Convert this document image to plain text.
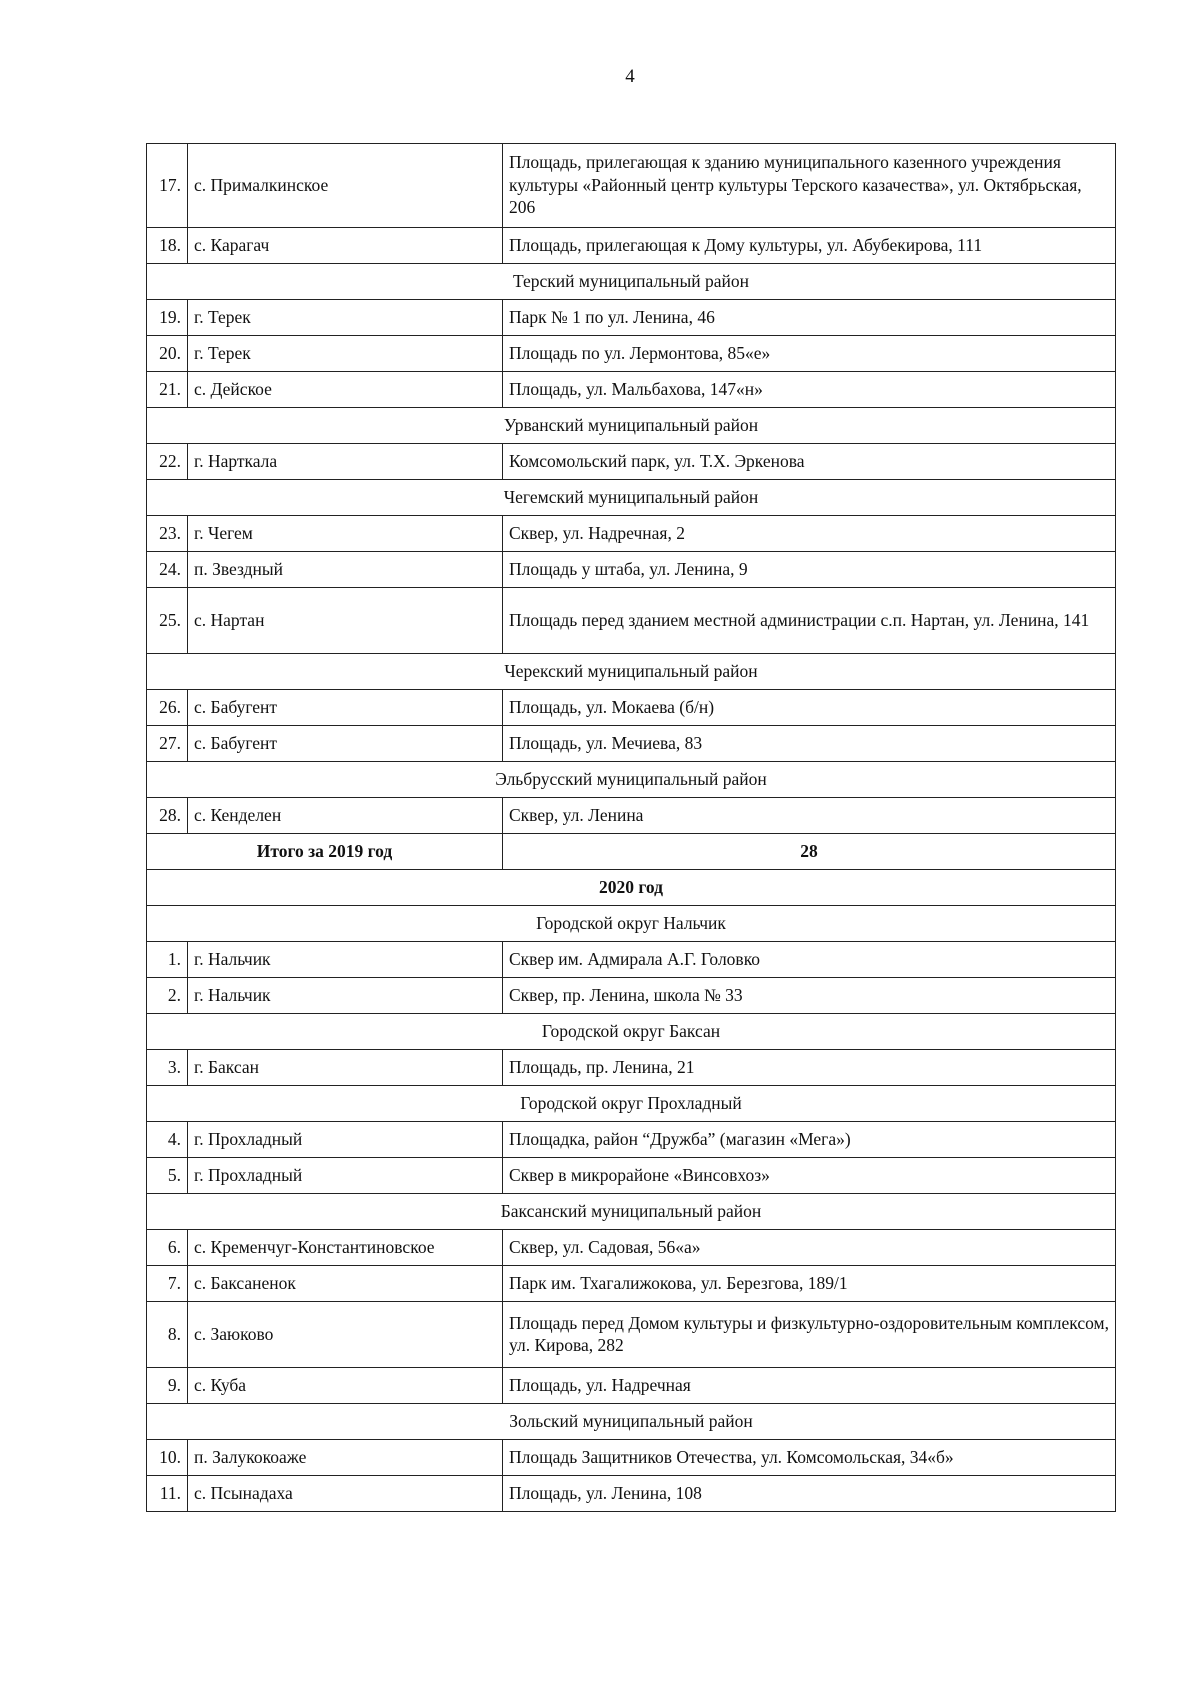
4
17.	с. Прималкинское	Площадь, прилегающая к зданию муниципального казенного учреждения культуры «Районный центр культуры Терского казачества», ул. Октябрьская, 206
18.	с. Карагач	Площадь, прилегающая к Дому культуры, ул. Абубекирова, 111
Терский муниципальный район		
19.	г. Терек	Парк № 1 по ул. Ленина, 46
20.	г. Терек	Площадь по ул. Лермонтова, 85«е»
21.	с. Дейское	Площадь, ул. Мальбахова, 147«н»
Урванский муниципальный район		
22.	г. Нарткала	Комсомольский парк, ул. Т.Х. Эркенова
Чегемский муниципальный район		
23.	г. Чегем	Сквер, ул. Надречная, 2
24.	п. Звездный	Площадь у штаба, ул. Ленина, 9
25.	с. Нартан	Площадь перед зданием местной администрации с.п. Нартан, ул. Ленина, 141
Черекский муниципальный район		
26.	с. Бабугент	Площадь, ул. Мокаева (б/н)
27.	с. Бабугент	Площадь, ул. Мечиева, 83
Эльбрусский муниципальный район		
28.	с. Кенделен	Сквер, ул. Ленина
Итого за 2019 год		28
2020 год		
Городской округ Нальчик		
1.	г. Нальчик	Сквер им. Адмирала А.Г. Головко
2.	г. Нальчик	Сквер, пр. Ленина, школа № 33
Городской округ Баксан		
3.	г. Баксан	Площадь, пр. Ленина, 21
Городской округ Прохладный		
4.	г. Прохладный	Площадка, район “Дружба” (магазин «Мега»)
5.	г. Прохладный	Сквер в микрорайоне «Винсовхоз»
Баксанский муниципальный район		
6.	с. Кременчуг-Константиновское	Сквер, ул. Садовая, 56«а»
7.	с. Баксаненок	Парк им. Тхагалижокова, ул. Березгова, 189/1
8.	с. Заюково	Площадь перед Домом культуры и физкультурно-оздоровительным комплексом, ул. Кирова, 282
9.	с. Куба	Площадь, ул. Надречная
Зольский муниципальный район		
10.	п. Залукокоаже	Площадь Защитников Отечества, ул. Комсомольская, 34«б»
11.	с. Псынадаха	Площадь, ул. Ленина, 108
